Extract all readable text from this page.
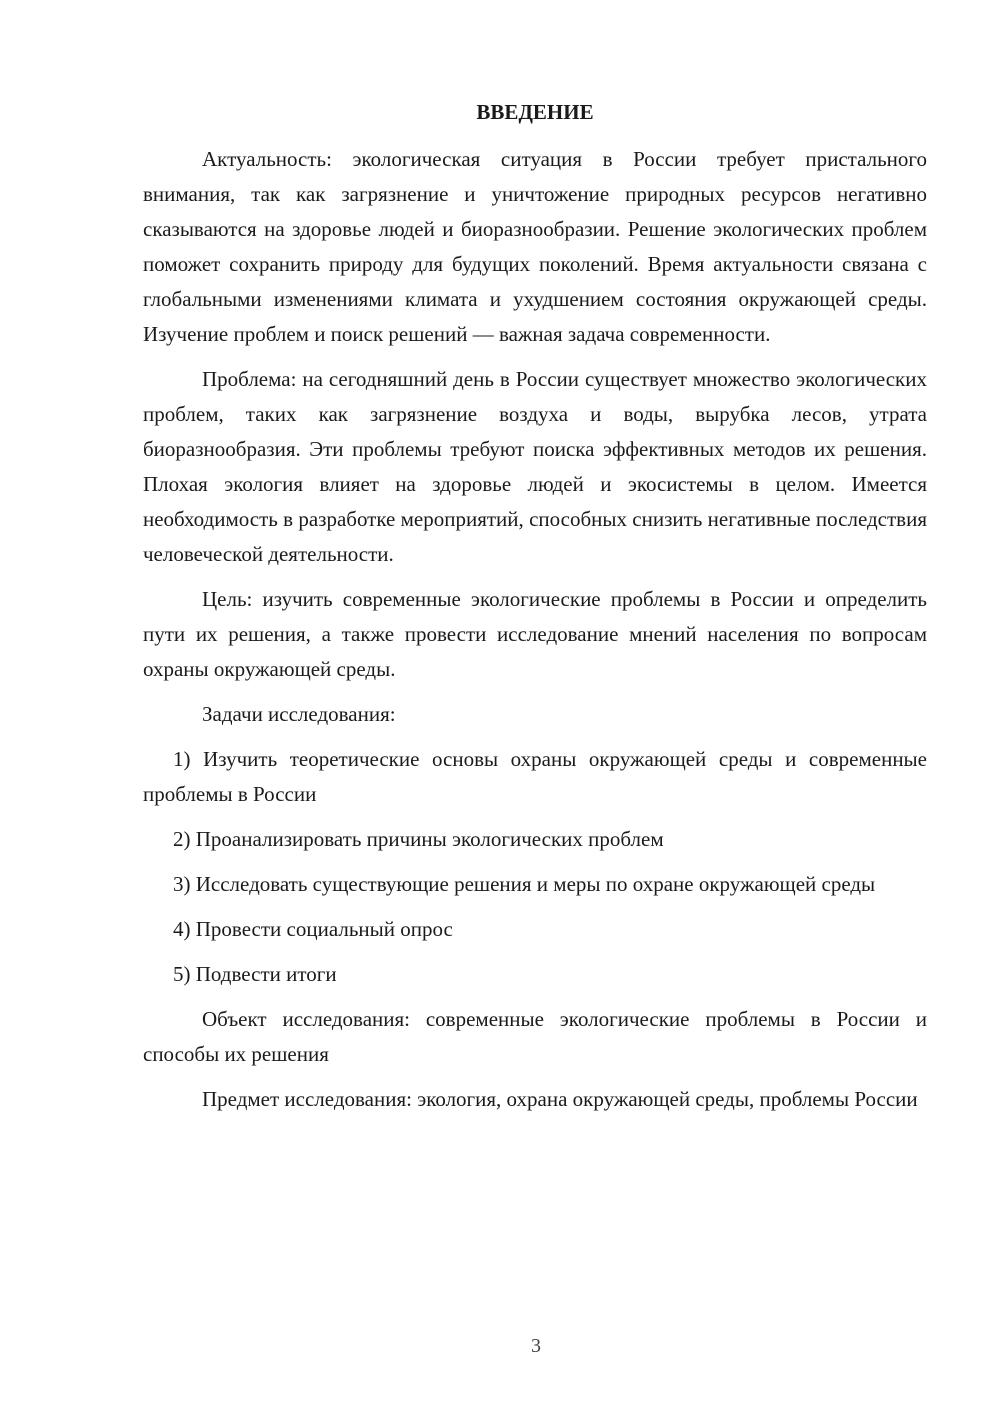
ВВЕДЕНИЕ

Актуальность: экологическая ситуация в России требует пристального внимания, так как загрязнение и уничтожение природных ресурсов негативно сказываются на здоровье людей и биоразнообразии. Решение экологических проблем поможет сохранить природу для будущих поколений. Время актуальности связана с глобальными изменениями климата и ухудшением состояния окружающей среды. Изучение проблем и поиск решений — важная задача современности.

Проблема: на сегодняшний день в России существует множество экологических проблем, таких как загрязнение воздуха и воды, вырубка лесов, утрата биоразнообразия. Эти проблемы требуют поиска эффективных методов их решения. Плохая экология влияет на здоровье людей и экосистемы в целом. Имеется необходимость в разработке мероприятий, способных снизить негативные последствия человеческой деятельности.

Цель: изучить современные экологические проблемы в России и определить пути их решения, а также провести исследование мнений населения по вопросам охраны окружающей среды.

Задачи исследования:

1) Изучить теоретические основы охраны окружающей среды и современные проблемы в России

2) Проанализировать причины экологических проблем

3) Исследовать существующие решения и меры по охране окружающей среды

4) Провести социальный опрос

5) Подвести итоги

Объект исследования: современные экологические проблемы в России и способы их решения

Предмет исследования: экология, охрана окружающей среды, проблемы России

3
